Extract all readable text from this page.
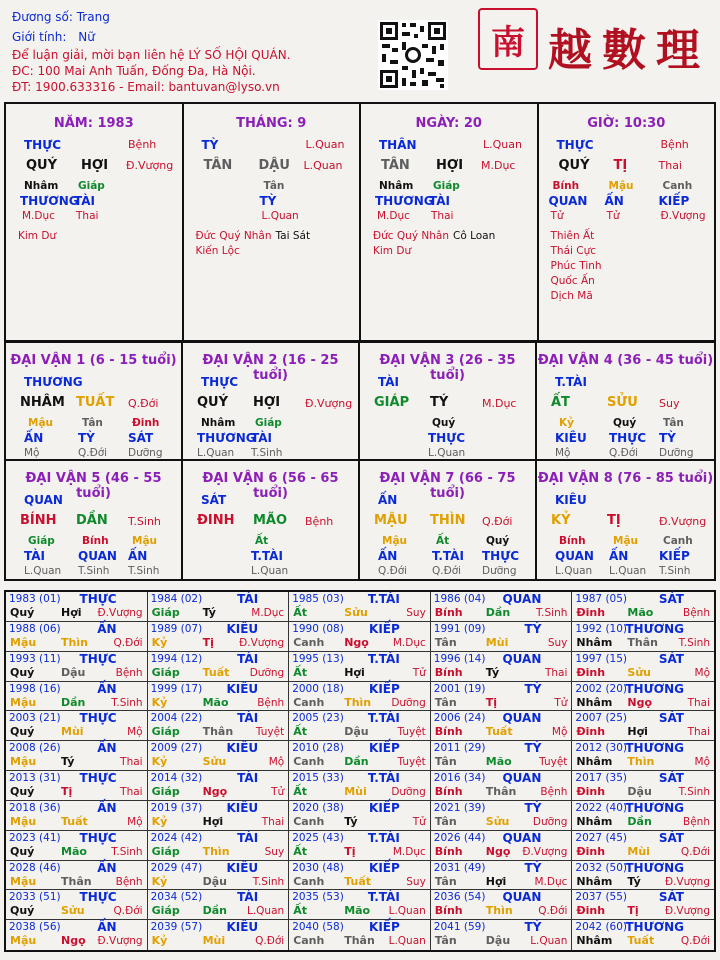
Đương số: Trang
Giới tính: Nữ
Để luận giải, mời bạn liên hệ LÝ SỐ HỘI QUÁN.
ĐC: 100 Mai Anh Tuấn, Đống Đa, Hà Nội.
ĐT: 1900.633316 - Email: bantuvan@lyso.vn
南 越 數 理
NĂM: 1983
THỰC	Bệnh
QUÝ HỢI Đ.Vượng
Nhâm
THƯƠNG
M.Dục
Giáp
TÀI
Thai
Kim Dư
THÁNG: 9
TỲ	L.Quan
TÂN DẬU L.Quan
Tân
TỲ
L.Quan
Đức Quý Nhân Tai Sát
Kiến Lộc
NGÀY: 20
THÂN	L.Quan
TÂN HỢI M.Dục
Nhâm
THƯƠNG
M.Dục
Giáp
TÀI
Thai
Đức Quý Nhân Cô Loan
Kim Dư
GIỜ: 10:30
THỰC	Bệnh
QUÝ TỊ	Thai
Bính
QUAN
Tử
Mậu
ẤN
Tử
Canh
KIẾP
Đ.Vượng
Thiên Ất
Thái Cực
Phúc Tinh
Quốc Ấn
Dịch Mã
ĐẠI VẬN 1 (6 - 15 tuổi)
THƯƠNG
NHÂM TUẤT Q.Đới
Mậu
ẤN
Mộ
Tân
TỲ
Q.Đới
Đinh
SÁT
Dưỡng
ĐẠI VẬN 2 (16 - 25 tuổi)
THỰC
QUÝ HỢI Đ.Vượng
Nhâm
THƯƠNG
L.Quan
Giáp
TÀI
T.Sinh
ĐẠI VẬN 3 (26 - 35 tuổi)
TÀI
GIÁP TÝ	M.Dục
Quý
THỰC
L.Quan
ĐẠI VẬN 4 (36 - 45 tuổi)
T.TÀI
ẤT	SỬU Suy
Kỷ
KIÊU
Mộ
Quý
THỰC
Q.Đới
Tân
TỲ
Dưỡng
ĐẠI VẬN 5 (46 - 55 tuổi)
QUAN
BÍNH DẦN T.Sinh
Giáp
TÀI
L.Quan
Bính
QUAN
T.Sinh
Mậu
ẤN
T.Sinh
ĐẠI VẬN 6 (56 - 65 tuổi)
SÁT
ĐINH MÃO Bệnh
Ất
T.TÀI
L.Quan
ĐẠI VẬN 7 (66 - 75 tuổi)
ẤN
MẬU THÌN Q.Đới
Mậu
ẤN
Q.Đới
Ất
T.TÀI
Q.Đới
Quý
THỰC
Dưỡng
ĐẠI VẬN 8 (76 - 85 tuổi)
KIÊU
KỶ	TỊ	Đ.Vượng
Bính
QUAN
L.Quan
Mậu
ẤN
L.Quan
Canh
KIẾP
T.Sinh
1983 (01) THỰC
Quý Hợi Đ.Vượng
1984 (02)	TÀI
Giáp Tý	M.Dục
1985 (03) T.TÀI
Ất	Sửu	Suy
1986 (04) QUAN
Bính Dần T.Sinh
1987 (05)	SÁT
Đinh Mão	Bệnh
1988 (06)	ẤN
Mậu Thìn Q.Đới
1989 (07) KIÊU
Kỷ	Tị Đ.Vượng
1990 (08) KIẾP
Canh Ngọ M.Dục
1991 (09)	TỲ
Tân	Mùi	Suy
1992 (10)
THƯƠNG
Nhâm Thân T.Sinh
1993 (11) THỰC
Quý Dậu	Bệnh
1994 (12)	TÀI
Giáp Tuất Dưỡng
1995 (13) T.TÀI
Ất	Hợi	Tử
1996 (14) QUAN
Bính Tý	Thai
1997 (15)	SÁT
Đinh Sửu	Mộ
1998 (16)	ẤN
Mậu Dần T.Sinh
1999 (17) KIÊU
Kỷ	Mão	Bệnh
2000 (18) KIẾP
Canh Thìn Dưỡng
2001 (19)	TỲ
Tân	Tị	Tử
2002 (20)
THƯƠNG
Nhâm Ngọ	Thai
2003 (21) THỰC
Quý Mùi	Mộ
2004 (22)	TÀI
Giáp Thân Tuyệt
2005 (23) T.TÀI
Ất	Dậu	Tuyệt
2006 (24) QUAN
Bính Tuất	Mộ
2007 (25)	SÁT
Đinh Hợi	Thai
2008 (26)	ẤN
Mậu Tý	Thai
2009 (27) KIÊU
Kỷ	Sửu	Mộ
2010 (28) KIẾP
Canh Dần	Tuyệt
2011 (29)	TỲ
Tân	Mão	Tuyệt
2012 (30)
THƯƠNG
Nhâm Thìn	Mộ
2013 (31) THỰC
Quý Tị	Thai
2014 (32)	TÀI
Giáp Ngọ	Tử
2015 (33) T.TÀI
Ất	Mùi Dưỡng
2016 (34) QUAN
Bính Thân Bệnh
2017 (35)	SÁT
Đinh Dậu	T.Sinh
2018 (36)	ẤN
Mậu Tuất	Mộ
2019 (37) KIÊU
Kỷ	Hợi	Thai
2020 (38) KIẾP
Canh Tý	Tử
2021 (39)	TỲ
Tân	Sửu Dưỡng
2022 (40)
THƯƠNG
Nhâm Dần	Bệnh
2023 (41) THỰC
Quý Mão T.Sinh
2024 (42)	TÀI
Giáp Thìn	Suy
2025 (43) T.TÀI
Ất	Tị	M.Dục
2026 (44) QUAN
Bính Ngọ Đ.Vượng
2027 (45)	SÁT
Đinh Mùi	Q.Đới
2028 (46)	ẤN
Mậu Thân Bệnh
2029 (47) KIÊU
Kỷ	Dậu T.Sinh
2030 (48) KIẾP
Canh Tuất	Suy
2031 (49)	TỲ
Tân	Hợi	M.Dục
2032 (50)
THƯƠNG
Nhâm Tý Đ.Vượng
2033 (51) THỰC
Quý Sửu	Q.Đới
2034 (52)	TÀI
Giáp Dần L.Quan
2035 (53) T.TÀI
Ất	Mão L.Quan
2036 (54) QUAN
Bính Thìn Q.Đới
2037 (55)	SÁT
Đinh Tị	Đ.Vượng
2038 (56)	ẤN
Mậu Ngọ Đ.Vượng
2039 (57) KIÊU
Kỷ	Mùi	Q.Đới
2040 (58) KIẾP
Canh Thân L.Quan
2041 (59)	TỲ
Tân	Dậu L.Quan
2042 (60)
THƯƠNG
Nhâm Tuất	Q.Đới
